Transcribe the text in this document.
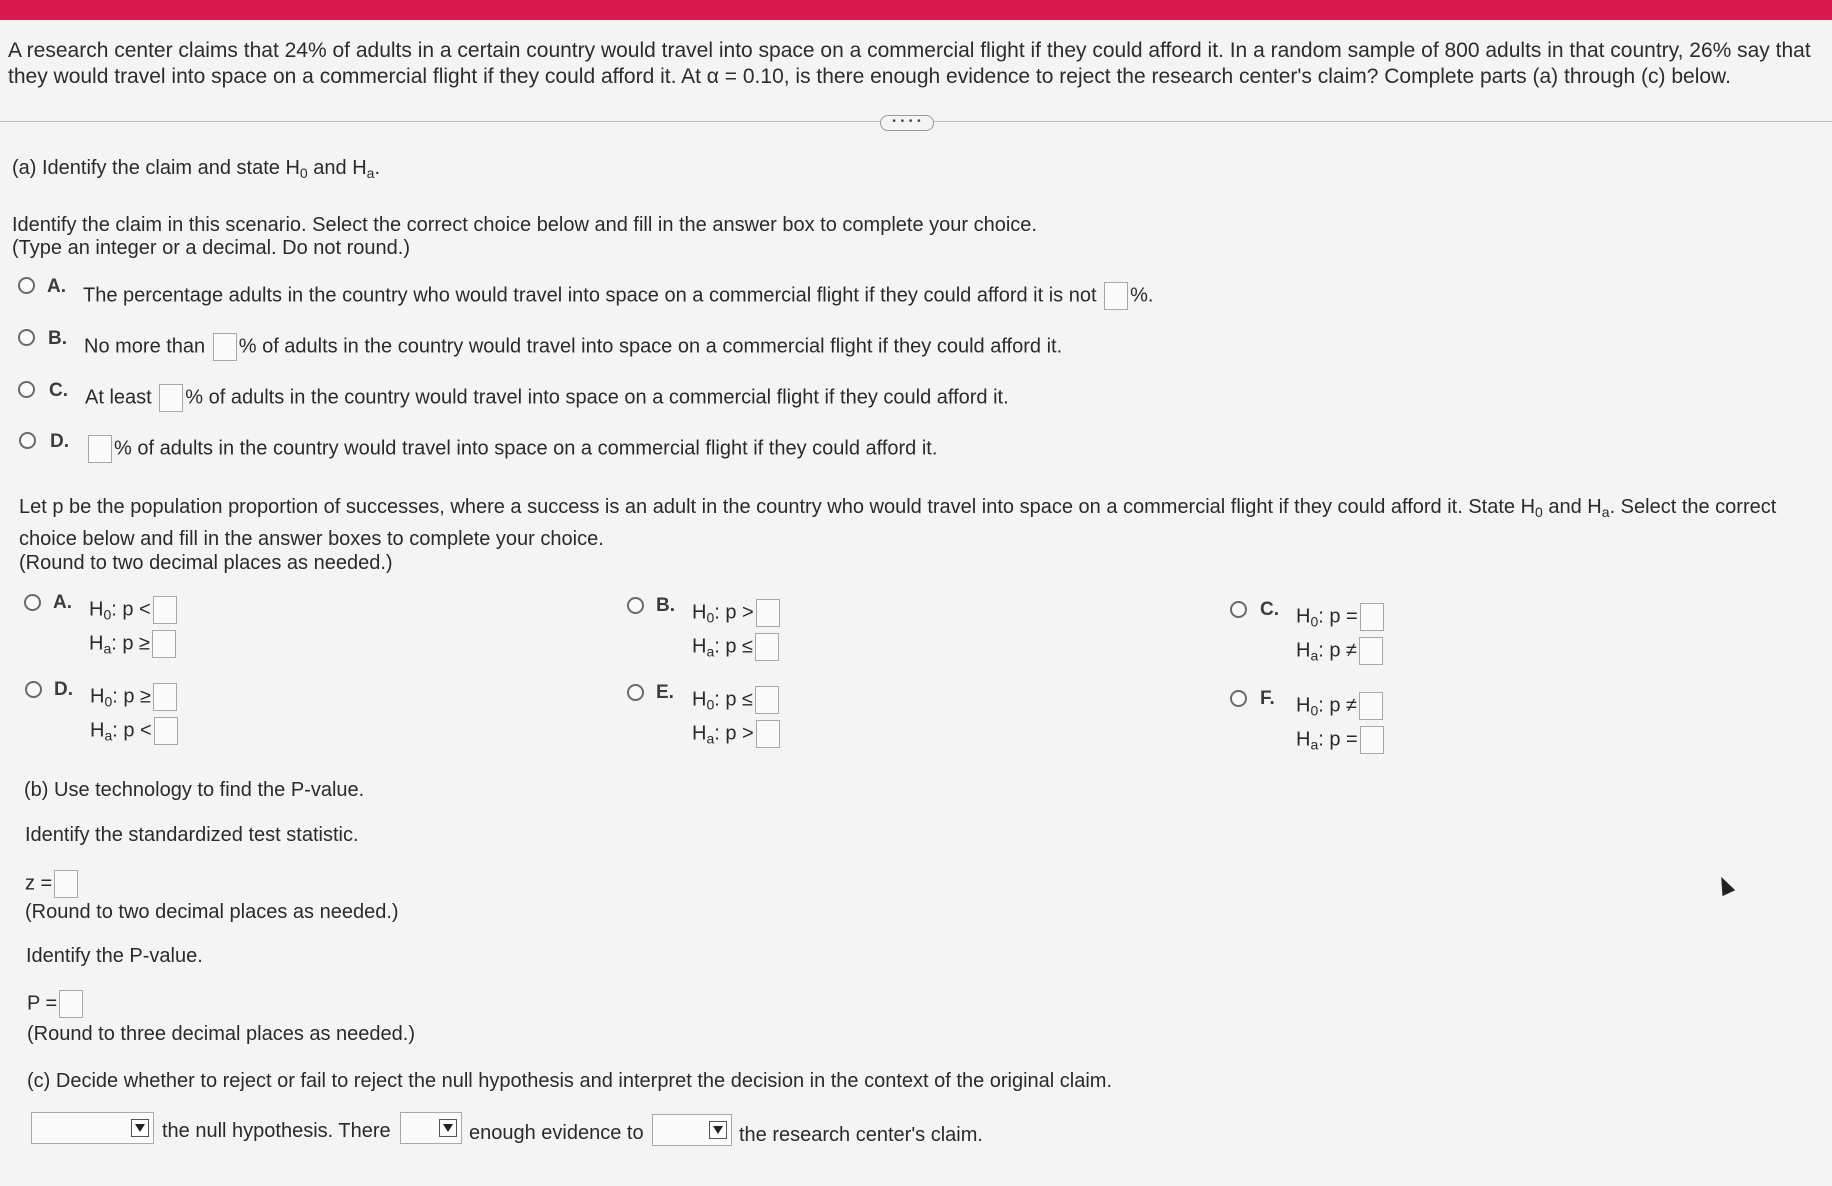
A research center claims that 24% of adults in a certain country would travel into space on a commercial flight if they could afford it. In a random sample of 800 adults in that country, 26% say that they would travel into space on a commercial flight if they could afford it. At α = 0.10, is there enough evidence to reject the research center's claim? Complete parts (a) through (c) below.
• • • •
(a) Identify the claim and state $H_0$ and $H_a$.
Identify the claim in this scenario. Select the correct choice below and fill in the answer box to complete your choice.
(Type an integer or a decimal. Do not round.)
A. The percentage adults in the country who would travel into space on a commercial flight if they could afford it is not %.
B. No more than % of adults in the country would travel into space on a commercial flight if they could afford it.
C. At least % of adults in the country would travel into space on a commercial flight if they could afford it.
D.	% of adults in the country would travel into space on a commercial flight if they could afford it.
Let p be the population proportion of successes, where a success is an adult in the country who would travel into space on a commercial flight if they could afford it. State $H_0$ and $H_a$. Select the correct
choice below and fill in the answer boxes to complete your choice.
(Round to two decimal places as needed.)
A. $H_0$: p <
$H_a$: p ≥
B. $H_0$: p >
$H_a$: p ≤
C. $H_0$: p =
$H_a$: p ≠
D. $H_0$: p ≥
$H_a$: p <
E. $H_0$: p ≤
$H_a$: p >
F. $H_0$: p ≠
$H_a$: p =
(b) Use technology to find the P-value.
Identify the standardized test statistic.
z =
(Round to two decimal places as needed.)
Identify the P-value.
P =
(Round to three decimal places as needed.)
(c) Decide whether to reject or fail to reject the null hypothesis and interpret the decision in the context of the original claim.
the null hypothesis. There	enough evidence to	the research center's claim.
